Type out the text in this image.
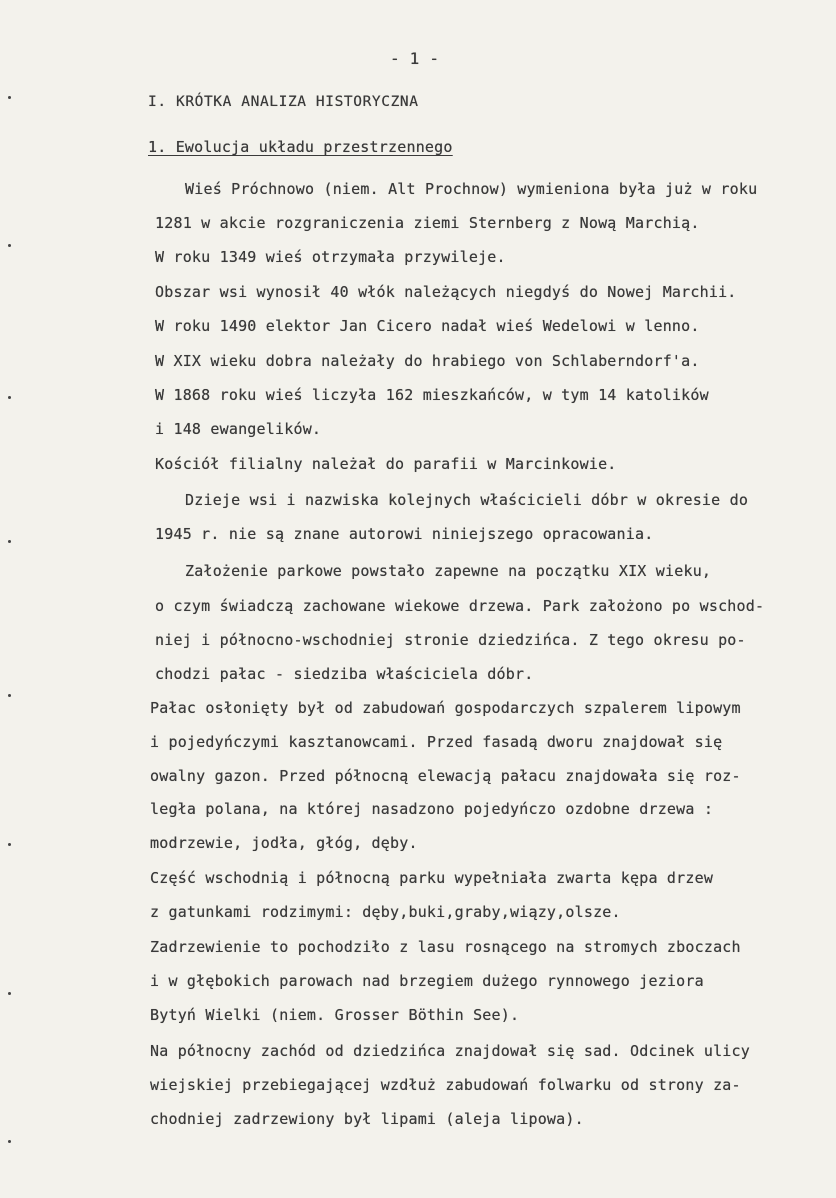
- 1 -
I. KRÓTKA ANALIZA HISTORYCZNA
1. Ewolucja układu przestrzennego
Wieś Próchnowo (niem. Alt Prochnow) wymieniona była już w roku
1281 w akcie rozgraniczenia ziemi Sternberg z Nową Marchią.
W roku 1349 wieś otrzymała przywileje.
Obszar wsi wynosił 40 włók należących niegdyś do Nowej Marchii.
W roku 1490 elektor Jan Cicero nadał wieś Wedelowi w lenno.
W XIX wieku dobra należały do hrabiego von Schlaberndorf'a.
W 1868 roku wieś liczyła 162 mieszkańców, w tym 14 katolików
i 148 ewangelików.
Kościół filialny należał do parafii w Marcinkowie.
Dzieje wsi i nazwiska kolejnych właścicieli dóbr w okresie do
1945 r. nie są znane autorowi niniejszego opracowania.
Założenie parkowe powstało zapewne na początku XIX wieku,
o czym świadczą zachowane wiekowe drzewa. Park założono po wschod-
niej i północno-wschodniej stronie dziedzińca. Z tego okresu po-
chodzi pałac - siedziba właściciela dóbr.
Pałac osłonięty był od zabudowań gospodarczych szpalerem lipowym
i pojedyńczymi kasztanowcami. Przed fasadą dworu znajdował się
owalny gazon. Przed północną elewacją pałacu znajdowała się roz-
legła polana, na której nasadzono pojedyńczo ozdobne drzewa :
modrzewie, jodła, głóg, dęby.
Część wschodnią i północną parku wypełniała zwarta kępa drzew
z gatunkami rodzimymi: dęby,buki,graby,wiązy,olsze.
Zadrzewienie to pochodziło z lasu rosnącego na stromych zboczach
i w głębokich parowach nad brzegiem dużego rynnowego jeziora
Bytyń Wielki (niem. Grosser Böthin See).
Na północny zachód od dziedzińca znajdował się sad. Odcinek ulicy
wiejskiej przebiegającej wzdłuż zabudowań folwarku od strony za-
chodniej zadrzewiony był lipami (aleja lipowa).
